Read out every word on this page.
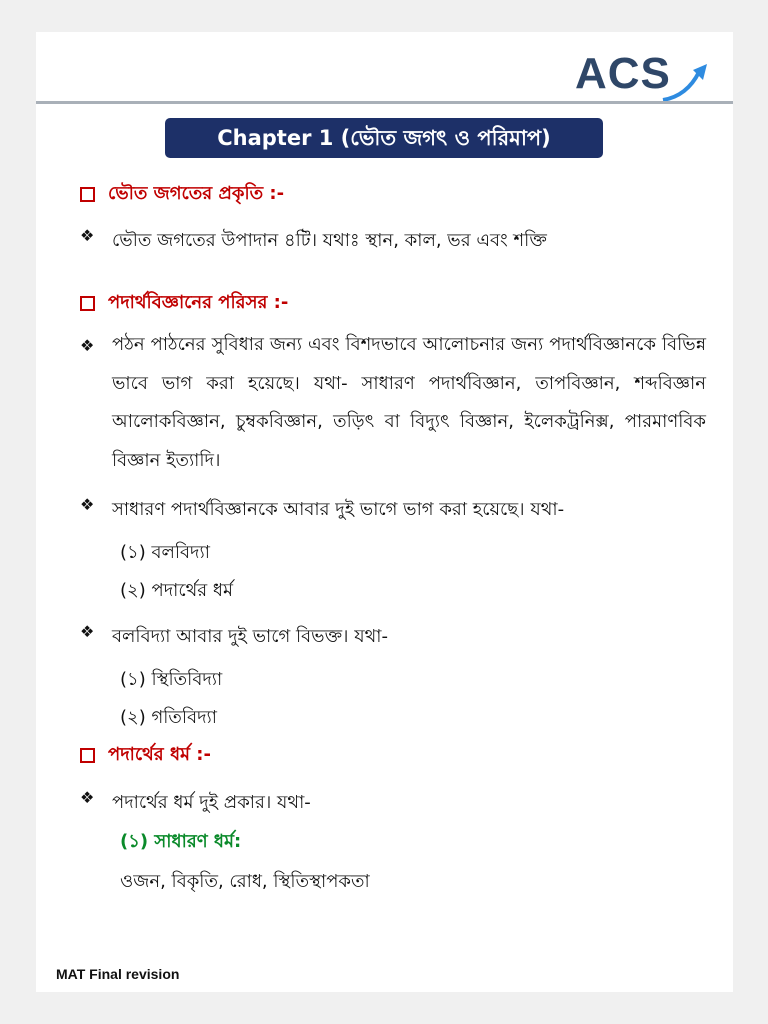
ACS
Chapter 1 (ভৌত জগৎ ও পরিমাপ)
ভৌত জগতের প্রকৃতি :-
❖ ভৌত জগতের উপাদান ৪টি। যথাঃ স্থান, কাল, ভর এবং শক্তি
পদার্থবিজ্ঞানের পরিসর :-
❖ পঠন পাঠনের সুবিধার জন্য এবং বিশদভাবে আলোচনার জন্য পদার্থবিজ্ঞানকে বিভিন্ন ভাবে ভাগ করা হয়েছে। যথা- সাধারণ পদার্থবিজ্ঞান, তাপবিজ্ঞান, শব্দবিজ্ঞান আলোকবিজ্ঞান, চুম্বকবিজ্ঞান, তড়িৎ বা বিদ্যুৎ বিজ্ঞান, ইলেকট্রনিক্স, পারমাণবিক বিজ্ঞান ইত্যাদি।
❖ সাধারণ পদার্থবিজ্ঞানকে আবার দুই ভাগে ভাগ করা হয়েছে। যথা-
(১) বলবিদ্যা
(২) পদার্থের ধর্ম
❖ বলবিদ্যা আবার দুই ভাগে বিভক্ত। যথা-
(১) স্থিতিবিদ্যা
(২) গতিবিদ্যা
পদার্থের ধর্ম :-
❖ পদার্থের ধর্ম দুই প্রকার। যথা-
(১) সাধারণ ধর্ম:
ওজন, বিকৃতি, রোধ, স্থিতিস্থাপকতা
MAT Final revision
